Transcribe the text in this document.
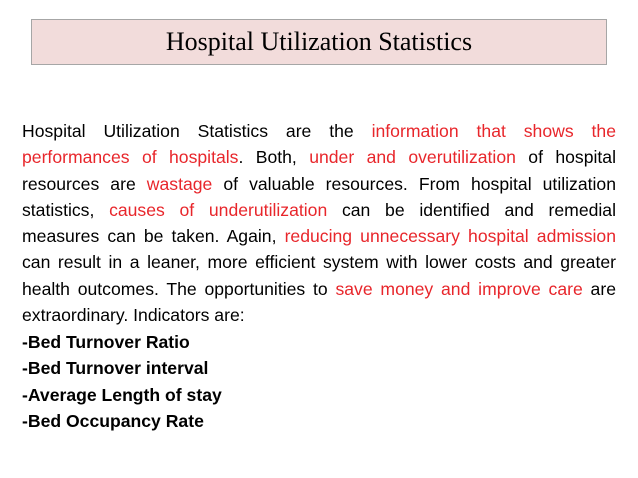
Hospital Utilization Statistics

Hospital Utilization Statistics are the information that shows the performances of hospitals. Both, under and overutilization of hospital resources are wastage of valuable resources. From hospital utilization statistics, causes of underutilization can be identified and remedial measures can be taken. Again, reducing unnecessary hospital admission can result in a leaner, more efficient system with lower costs and greater health outcomes. The opportunities to save money and improve care are extraordinary. Indicators are:

-Bed Turnover Ratio
-Bed Turnover interval
-Average Length of stay
-Bed Occupancy Rate
